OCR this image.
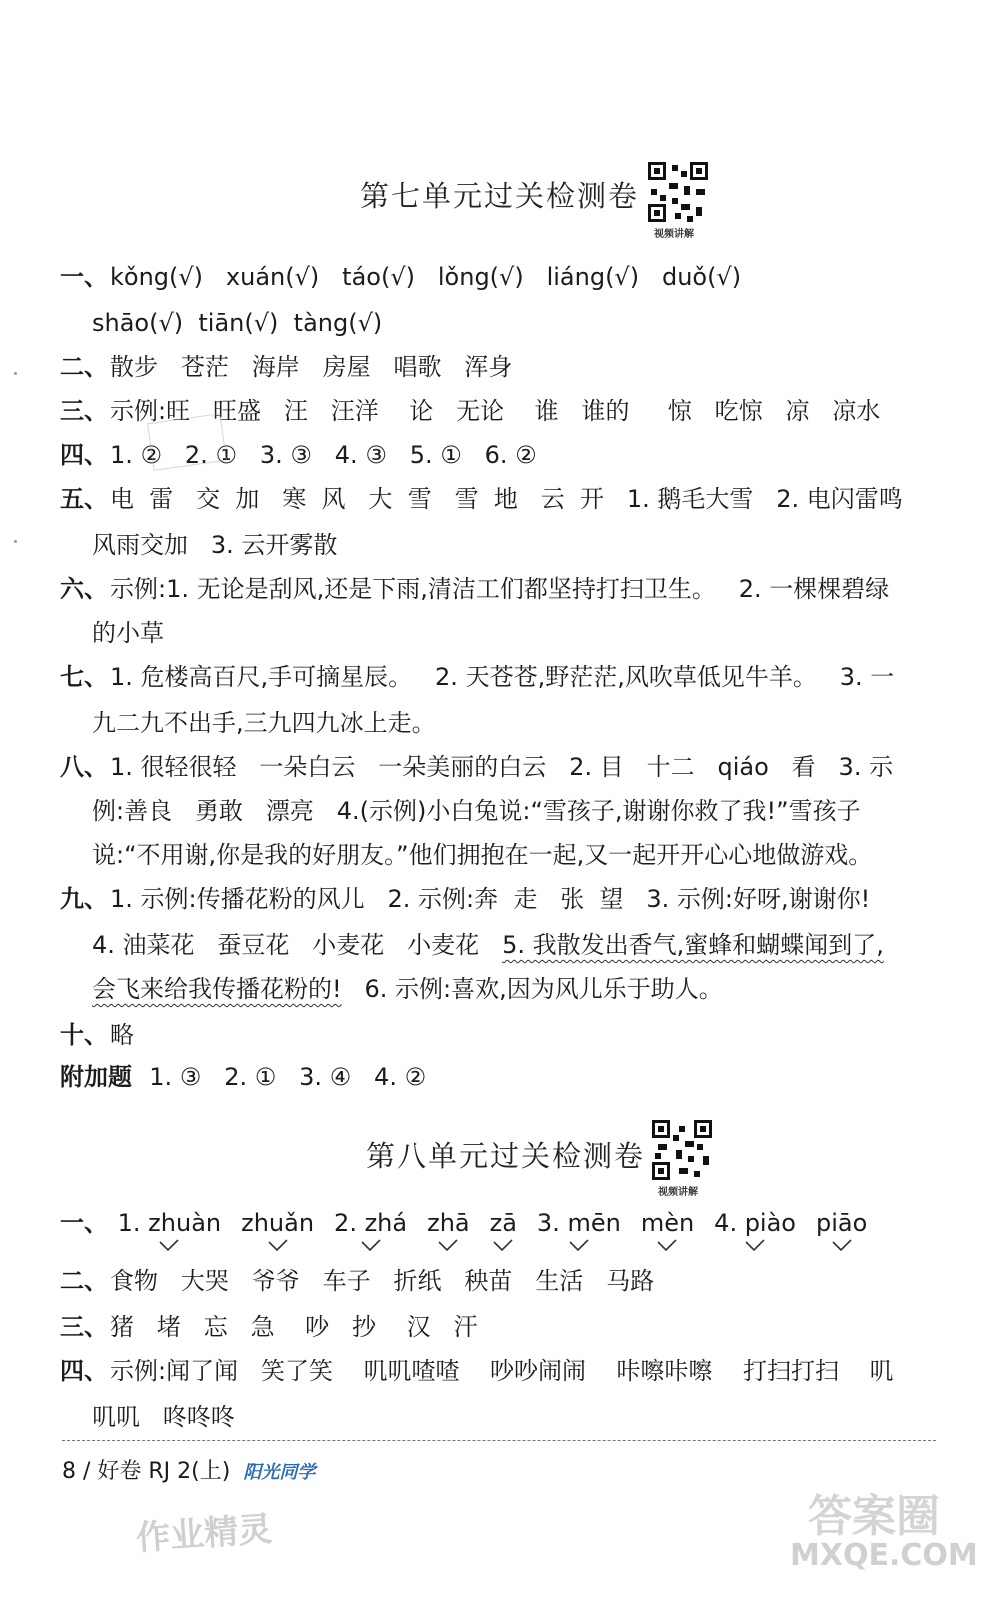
第七单元过关检测卷
视频讲解
一、kǒng(√)   xuán(√)   táo(√)   lǒng(√)   liáng(√)   duǒ(√)
shāo(√)  tiān(√)  tàng(√)
二、散步   苍茫   海岸   房屋   唱歌   浑身
三、示例:旺   旺盛   汪   汪洋    论   无论    谁   谁的     惊   吃惊   凉   凉水
四、1. ②   2. ①   3. ③   4. ③   5. ①   6. ②
五、电  雷   交  加   寒  风   大  雪   雪  地   云  开   1. 鹅毛大雪   2. 电闪雷鸣
风雨交加   3. 云开雾散
六、示例:1. 无论是刮风,还是下雨,清洁工们都坚持打扫卫生。   2. 一棵棵碧绿
的小草
七、1. 危楼高百尺,手可摘星辰。   2. 天苍苍,野茫茫,风吹草低见牛羊。   3. 一
九二九不出手,三九四九冰上走。
八、1. 很轻很轻   一朵白云   一朵美丽的白云   2. 目   十二   qiáo   看   3. 示
例:善良   勇敢   漂亮   4.(示例)小白兔说:“雪孩子,谢谢你救了我!”雪孩子
说:“不用谢,你是我的好朋友。”他们拥抱在一起,又一起开开心心地做游戏。
九、1. 示例:传播花粉的风儿   2. 示例:奔  走   张  望   3. 示例:好呀,谢谢你!
4. 油菜花   蚕豆花   小麦花   小麦花   5. 我散发出香气,蜜蜂和蝴蝶闻到了,
会飞来给我传播花粉的!   6. 示例:喜欢,因为风儿乐于助人。
十、略
附加题  1. ③   2. ①   3. ④   4. ②
第八单元过关检测卷
视频讲解
一、 1. zhuàn zhuǎn 2. zhá zhā zā 3. mēn mèn 4. piào piāo
二、食物   大哭   爷爷   车子   折纸   秧苗   生活   马路
三、猪   堵   忘   急    吵   抄    汉   汗
四、示例:闻了闻   笑了笑    叽叽喳喳    吵吵闹闹    咔嚓咔嚓    打扫打扫    叽
叽叽   咚咚咚
8 / 好卷 RJ 2(上) 阳光同学
作业精灵	答案圈
MXQE.COM
